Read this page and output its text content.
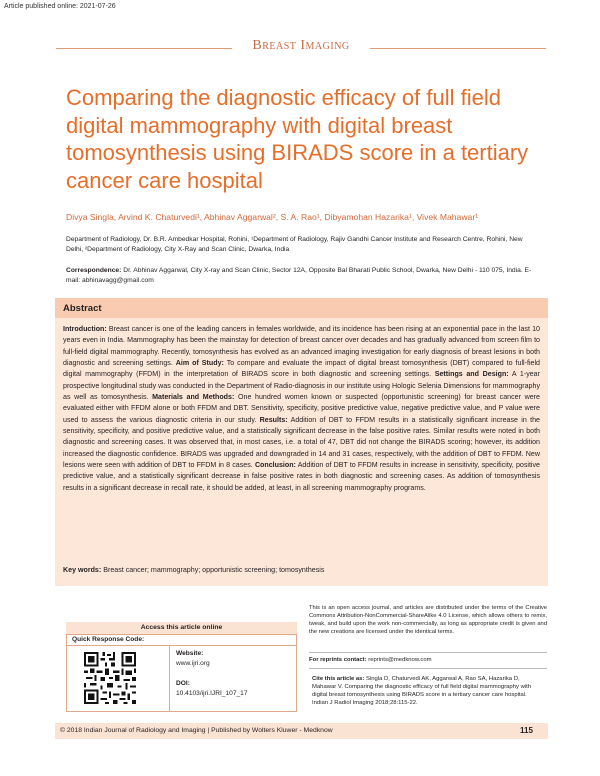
Article published online: 2021-07-26
Breast Imaging
Comparing the diagnostic efficacy of full field digital mammography with digital breast tomosynthesis using BIRADS score in a tertiary cancer care hospital
Divya Singla, Arvind K. Chaturvedi¹, Abhinav Aggarwal², S. A. Rao¹, Dibyamohan Hazarika¹, Vivek Mahawar¹
Department of Radiology, Dr. B.R. Ambedkar Hospital, Rohini, ¹Department of Radiology, Rajiv Gandhi Cancer Institute and Research Centre, Rohini, New Delhi, ²Department of Radiology, City X-Ray and Scan Clinic, Dwarka, India
Correspondence: Dr. Abhinav Aggarwal, City X-ray and Scan Clinic, Sector 12A, Opposite Bal Bharati Public School, Dwarka, New Delhi - 110 075, India. E-mail: abhinavagg@gmail.com
Abstract
Introduction: Breast cancer is one of the leading cancers in females worldwide, and its incidence has been rising at an exponential pace in the last 10 years even in India. Mammography has been the mainstay for detection of breast cancer over decades and has gradually advanced from screen film to full-field digital mammography. Recently, tomosynthesis has evolved as an advanced imaging investigation for early diagnosis of breast lesions in both diagnostic and screening settings. Aim of Study: To compare and evaluate the impact of digital breast tomosynthesis (DBT) compared to full-field digital mammography (FFDM) in the interpretation of BIRADS score in both diagnostic and screening settings. Settings and Design: A 1-year prospective longitudinal study was conducted in the Department of Radio-diagnosis in our institute using Hologic Selenia Dimensions for mammography as well as tomosynthesis. Materials and Methods: One hundred women known or suspected (opportunistic screening) for breast cancer were evaluated either with FFDM alone or both FFDM and DBT. Sensitivity, specificity, positive predictive value, negative predictive value, and P value were used to assess the various diagnostic criteria in our study. Results: Addition of DBT to FFDM results in a statistically significant increase in the sensitivity, specificity, and positive predictive value, and a statistically significant decrease in the false positive rates. Similar results were noted in both diagnostic and screening cases. It was observed that, in most cases, i.e. a total of 47, DBT did not change the BIRADS scoring; however, its addition increased the diagnostic confidence. BIRADS was upgraded and downgraded in 14 and 31 cases, respectively, with the addition of DBT to FFDM. New lesions were seen with addition of DBT to FFDM in 8 cases. Conclusion: Addition of DBT to FFDM results in increase in sensitivity, specificity, positive predictive value, and a statistically significant decrease in false positive rates in both diagnostic and screening cases. As addition of tomosynthesis results in a significant decrease in recall rate, it should be added, at least, in all screening mammography programs.
Key words: Breast cancer; mammography; opportunistic screening; tomosynthesis
Access this article online
Quick Response Code:
Website:
www.ijri.org
DOI:
10.4103/ijri.IJRI_107_17
This is an open access journal, and articles are distributed under the terms of the Creative Commons Attribution-NonCommercial-ShareAlike 4.0 License, which allows others to remix, tweak, and build upon the work non-commercially, as long as appropriate credit is given and the new creations are licensed under the identical terms.
For reprints contact: reprints@medknow.com
Cite this article as: Singla D, Chaturvedi AK, Aggarwal A, Rao SA, Hazarika D, Mahawar V. Comparing the diagnostic efficacy of full field digital mammography with digital breast tomosynthesis using BIRADS score in a tertiary cancer care hospital. Indian J Radiol Imaging 2018;28:115-22.
© 2018 Indian Journal of Radiology and Imaging | Published by Wolters Kluwer - Medknow	115
